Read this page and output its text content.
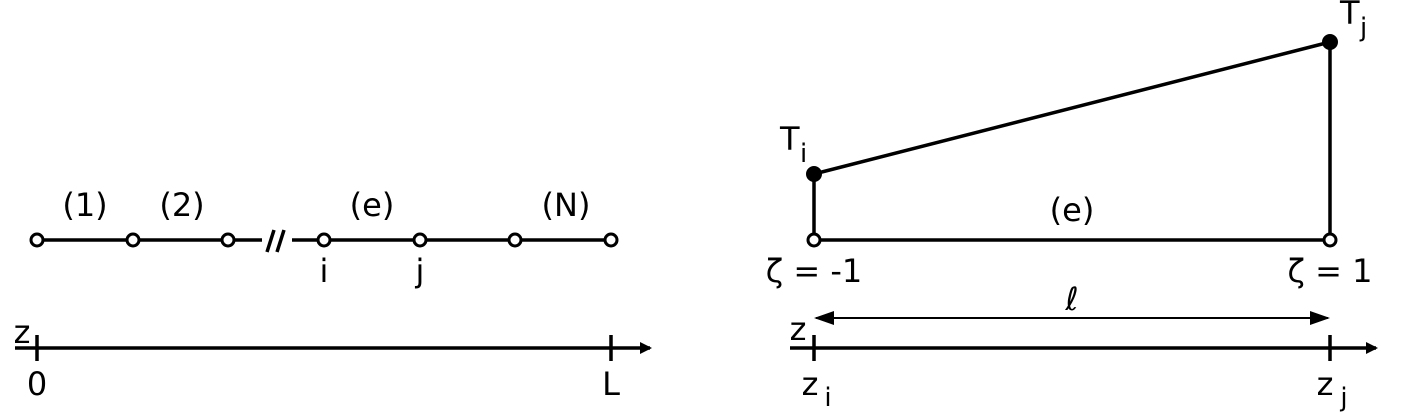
(1) (2)	(e)	(N)
i	j
z
0	L
T i
T j
(e)
ζ = -1	ζ = 1
ℓ
z
z i	z j
